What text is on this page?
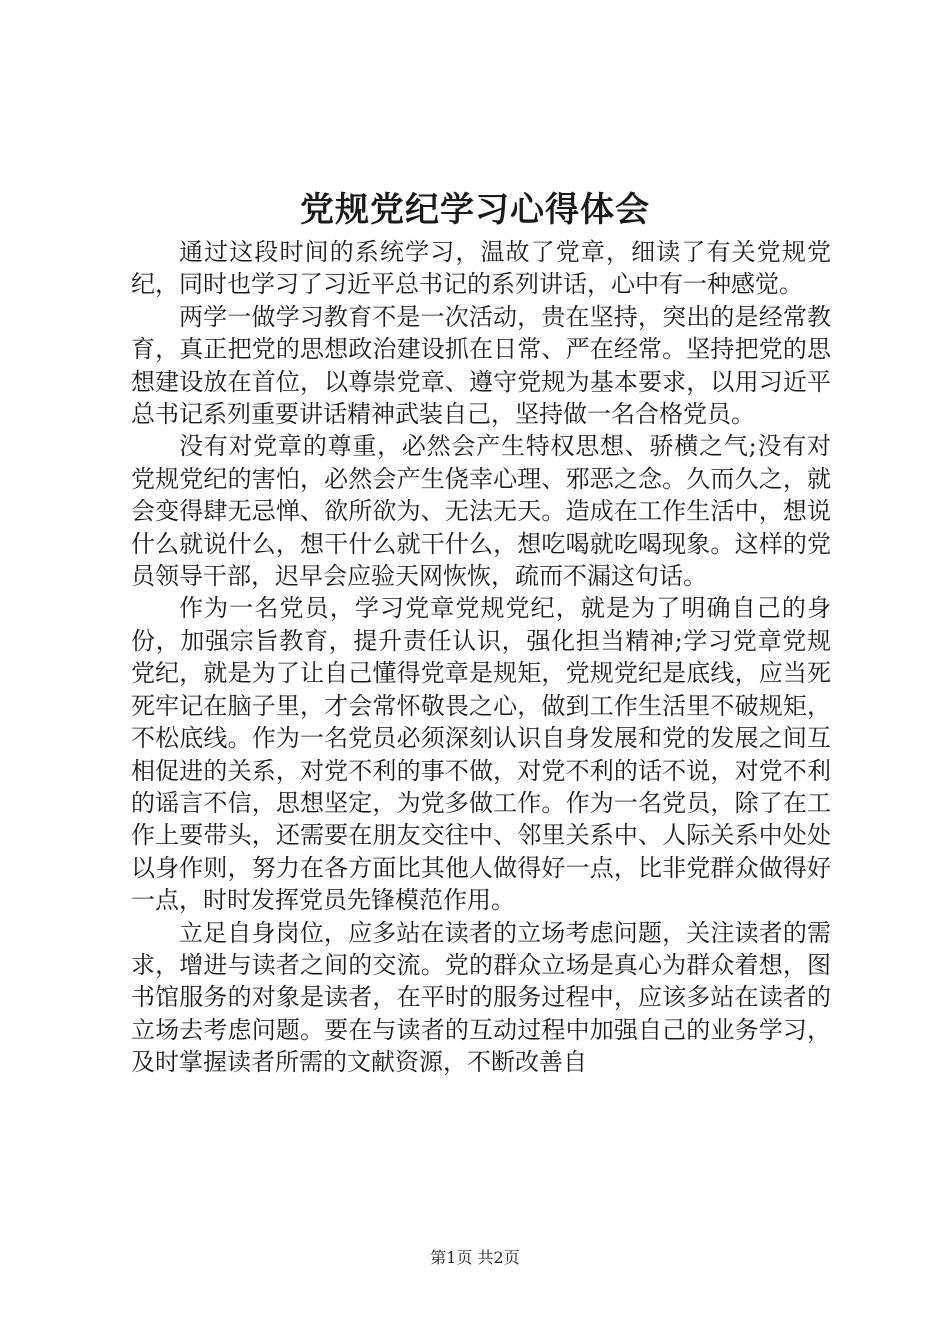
党规党纪学习心得体会

通过这段时间的系统学习，温故了党章，细读了有关党规党纪，同时也学习了习近平总书记的系列讲话，心中有一种感觉。

两学一做学习教育不是一次活动，贵在坚持，突出的是经常教育，真正把党的思想政治建设抓在日常、严在经常。坚持把党的思想建设放在首位，以尊崇党章、遵守党规为基本要求，以用习近平总书记系列重要讲话精神武装自己，坚持做一名合格党员。

没有对党章的尊重，必然会产生特权思想、骄横之气;没有对党规党纪的害怕，必然会产生侥幸心理、邪恶之念。久而久之，就会变得肆无忌惮、欲所欲为、无法无天。造成在工作生活中，想说什么就说什么，想干什么就干什么，想吃喝就吃喝现象。这样的党员领导干部，迟早会应验天网恢恢，疏而不漏这句话。

作为一名党员，学习党章党规党纪，就是为了明确自己的身份，加强宗旨教育，提升责任认识，强化担当精神;学习党章党规党纪，就是为了让自己懂得党章是规矩，党规党纪是底线，应当死死牢记在脑子里，才会常怀敬畏之心，做到工作生活里不破规矩，不松底线。作为一名党员必须深刻认识自身发展和党的发展之间互相促进的关系，对党不利的事不做，对党不利的话不说，对党不利的谣言不信，思想坚定，为党多做工作。作为一名党员，除了在工作上要带头，还需要在朋友交往中、邻里关系中、人际关系中处处以身作则，努力在各方面比其他人做得好一点，比非党群众做得好一点，时时发挥党员先锋模范作用。

立足自身岗位，应多站在读者的立场考虑问题，关注读者的需求，增进与读者之间的交流。党的群众立场是真心为群众着想，图书馆服务的对象是读者，在平时的服务过程中，应该多站在读者的立场去考虑问题。要在与读者的互动过程中加强自己的业务学习，及时掌握读者所需的文献资源，不断改善自

第1页 共2页
